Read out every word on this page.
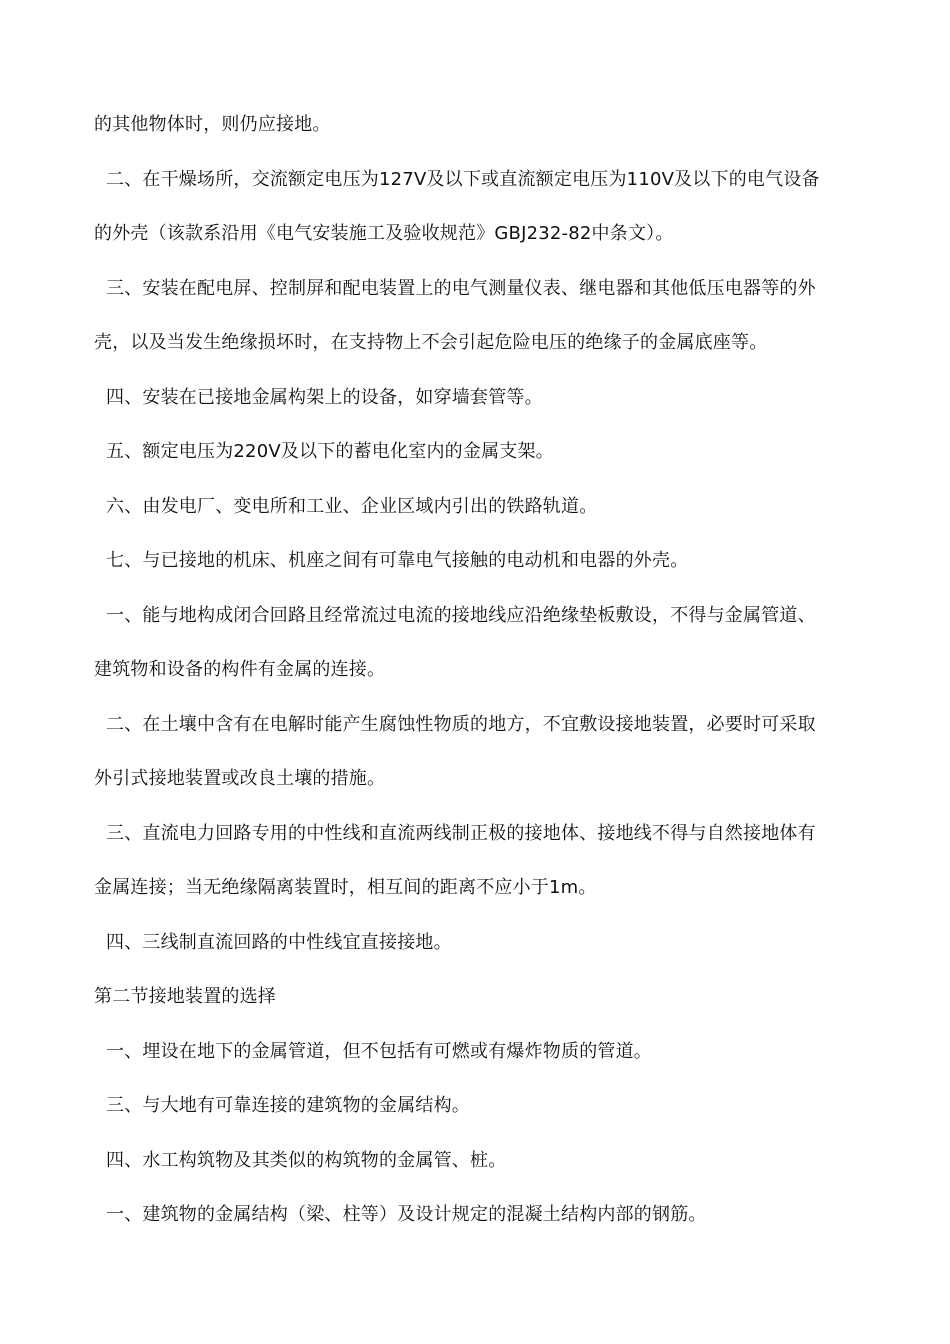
的其他物体时，则仍应接地。
二、在干燥场所，交流额定电压为127V及以下或直流额定电压为110V及以下的电气设备
的外壳（该款系沿用《电气安装施工及验收规范》GBJ232-82中条文）。
三、安装在配电屏、控制屏和配电装置上的电气测量仪表、继电器和其他低压电器等的外
壳，以及当发生绝缘损坏时，在支持物上不会引起危险电压的绝缘子的金属底座等。
四、安装在已接地金属构架上的设备，如穿墙套管等。
五、额定电压为220V及以下的蓄电化室内的金属支架。
六、由发电厂、变电所和工业、企业区域内引出的铁路轨道。
七、与已接地的机床、机座之间有可靠电气接触的电动机和电器的外壳。
一、能与地构成闭合回路且经常流过电流的接地线应沿绝缘垫板敷设，不得与金属管道、
建筑物和设备的构件有金属的连接。
二、在土壤中含有在电解时能产生腐蚀性物质的地方，不宜敷设接地装置，必要时可采取
外引式接地装置或改良土壤的措施。
三、直流电力回路专用的中性线和直流两线制正极的接地体、接地线不得与自然接地体有
金属连接；当无绝缘隔离装置时，相互间的距离不应小于1m。
四、三线制直流回路的中性线宜直接接地。
第二节接地装置的选择
一、埋设在地下的金属管道，但不包括有可燃或有爆炸物质的管道。
三、与大地有可靠连接的建筑物的金属结构。
四、水工构筑物及其类似的构筑物的金属管、桩。
一、建筑物的金属结构（梁、柱等）及设计规定的混凝土结构内部的钢筋。
